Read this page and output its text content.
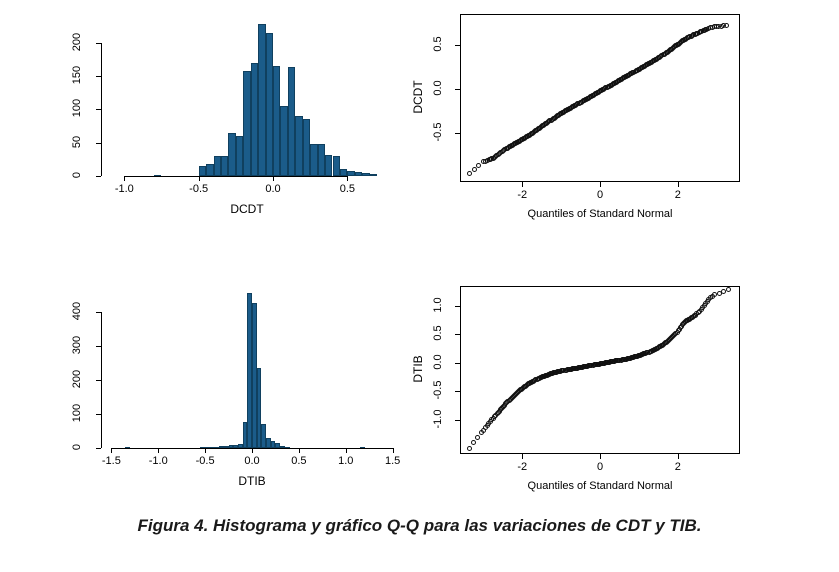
-1.0	-0.5	0.0	0.5
0
50
100
150
200
DCDT
-2	0	2
-0.5
0.0
0.5
Quantiles of Standard Normal
DCDT
-1.5	-1.0	-0.5	0.0	0.5	1.0	1.5
0
100
200
300
400
DTIB
-2	0	2
-1.0
-0.5
0.0
0.5
1.0
Quantiles of Standard Normal
DTIB
Figura 4. Histograma y gráfico Q-Q para las variaciones de CDT y TIB.
